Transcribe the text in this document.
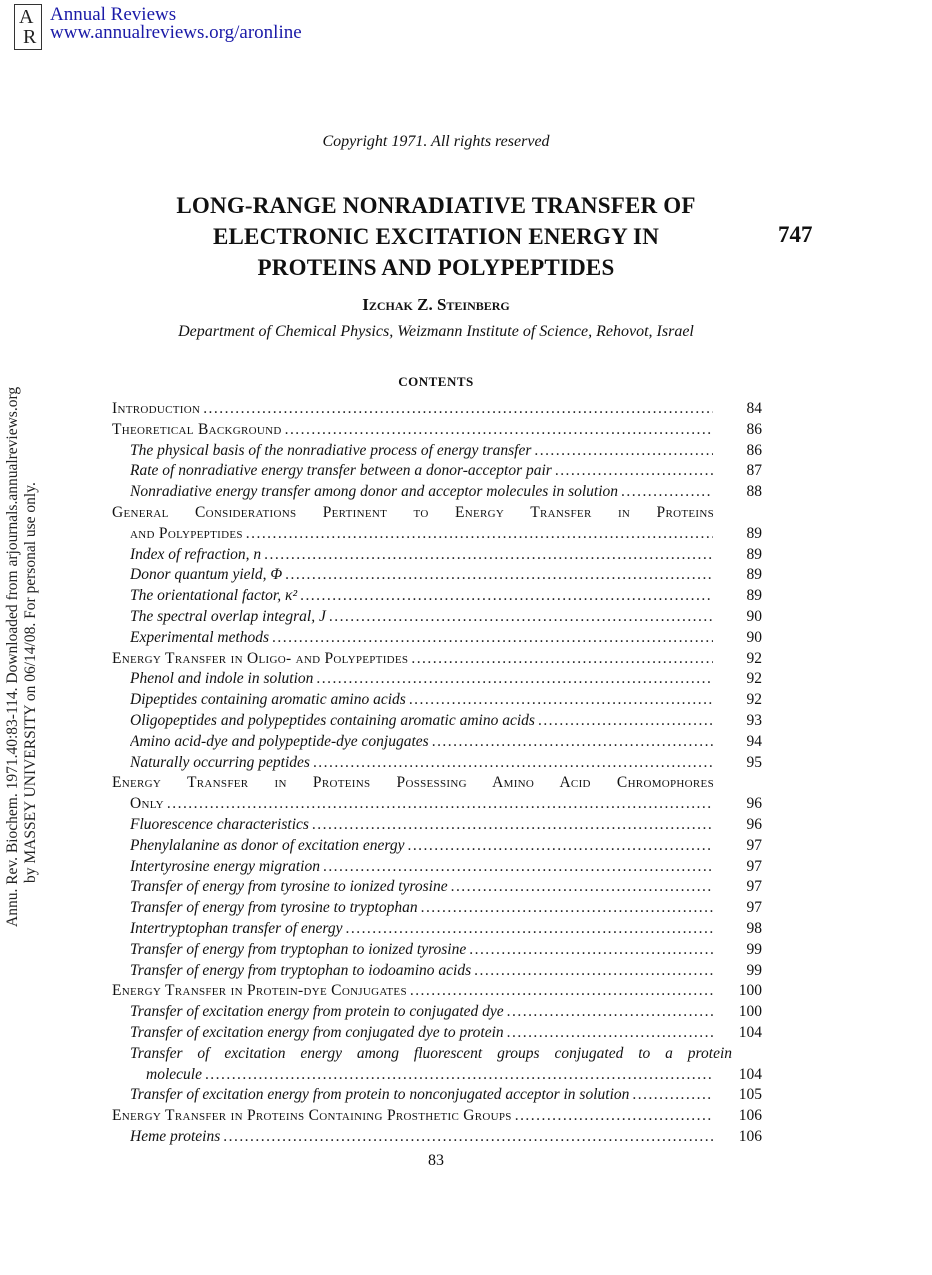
A
R
Annual Reviews
www.annualreviews.org/aronline
Annu. Rev. Biochem. 1971.40:83-114. Downloaded from arjournals.annualreviews.org by MASSEY UNIVERSITY on 06/14/08. For personal use only.
Copyright 1971. All rights reserved
LONG-RANGE NONRADIATIVE TRANSFER OF
ELECTRONIC EXCITATION ENERGY IN
PROTEINS AND POLYPEPTIDES
747
Izchak Z. Steinberg
Department of Chemical Physics, Weizmann Institute of Science, Rehovot, Israel
CONTENTS
Introduction . . .	84
Theoretical Background . . .	86
The physical basis of the nonradiative process of energy transfer . . .	86
Rate of nonradiative energy transfer between a donor-acceptor pair . . .	87
Nonradiative energy transfer among donor and acceptor molecules in solution . . .	88
General Considerations Pertinent to Energy Transfer in Proteins
and Polypeptides . . .	89
Index of refraction, n . . .	89
Donor quantum yield, Φ . . .	89
The orientational factor, κ² . . .	89
The spectral overlap integral, J . . .	90
Experimental methods . . .	90
Energy Transfer in Oligo- and Polypeptides . . .	92
Phenol and indole in solution . . .	92
Dipeptides containing aromatic amino acids . . .	92
Oligopeptides and polypeptides containing aromatic amino acids . . .	93
Amino acid-dye and polypeptide-dye conjugates . . .	94
Naturally occurring peptides . . .	95
Energy Transfer in Proteins Possessing Amino Acid Chromophores
Only . . .	96
Fluorescence characteristics . . .	96
Phenylalanine as donor of excitation energy . . .	97
Intertyrosine energy migration . . .	97
Transfer of energy from tyrosine to ionized tyrosine . . .	97
Transfer of energy from tyrosine to tryptophan . . .	97
Intertryptophan transfer of energy . . .	98
Transfer of energy from tryptophan to ionized tyrosine . . .	99
Transfer of energy from tryptophan to iodoamino acids . . .	99
Energy Transfer in Protein-dye Conjugates . . .	100
Transfer of excitation energy from protein to conjugated dye . . .	100
Transfer of excitation energy from conjugated dye to protein . . .	104
Transfer of excitation energy among fluorescent groups conjugated to a protein
molecule . . .	104
Transfer of excitation energy from protein to nonconjugated acceptor in solution . . .	105
Energy Transfer in Proteins Containing Prosthetic Groups . . .	106
Heme proteins . . .	106
83
